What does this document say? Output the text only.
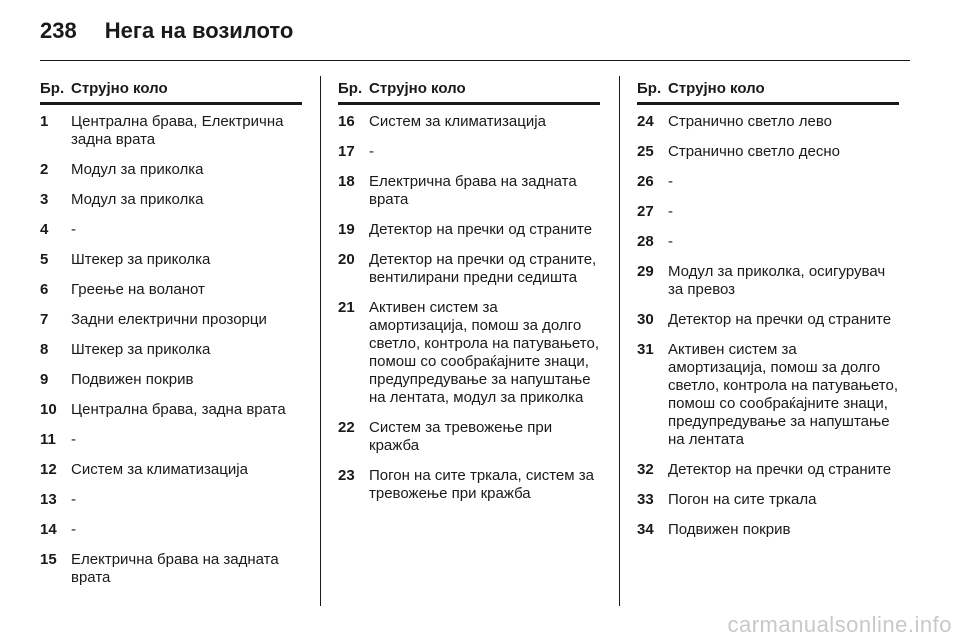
238 Нега на возилото
Бр. Струјно коло
1	Централна брава, Електрична задна врата
2	Модул за приколка
3	Модул за приколка
4	-
5	Штекер за приколка
6	Греење на воланот
7	Задни електрични прозорци
8	Штекер за приколка
9	Подвижен покрив
10 Централна брава, задна врата
11	-
12 Систем за климатизација
13 -
14 -
15 Електрична брава на задната врата
Бр. Струјно коло
16 Систем за климатизација
17 -
18 Електрична брава на задната врата
19 Детектор на пречки од страните
20 Детектор на пречки од страните, вентилирани предни седишта
21 Активен систем за амортизација, помош за долго светло, контрола на патувањето, помош со сообраќајните знаци, предупредување за напуштање на лентата, модул за приколка
22 Систем за тревожење при кражба
23 Погон на сите тркала, систем за тревожење при кражба
Бр. Струјно коло
24 Странично светло лево
25 Странично светло десно
26 -
27 -
28 -
29 Модул за приколка, осигурувач за превоз
30 Детектор на пречки од страните
31 Активен систем за амортизација, помош за долго светло, контрола на патувањето, помош со сообраќајните знаци, предупредување за напуштање на лентата
32 Детектор на пречки од страните
33 Погон на сите тркала
34 Подвижен покрив
carmanualsonline.info
